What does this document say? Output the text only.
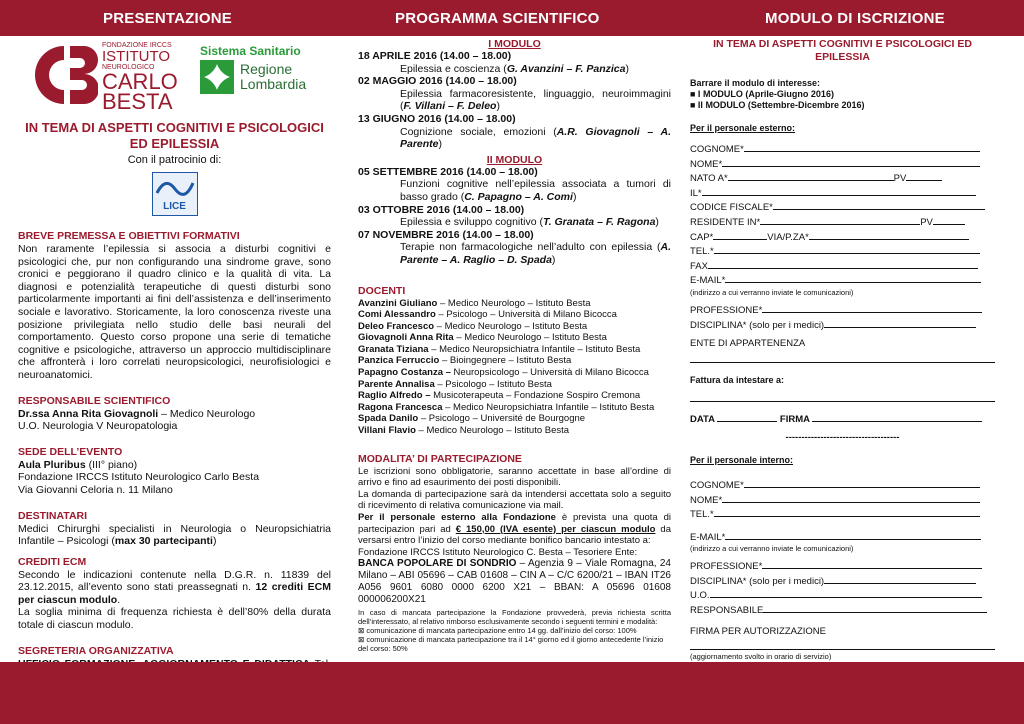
PRESENTAZIONE	PROGRAMMA SCIENTIFICO	MODULO DI ISCRIZIONE
FONDAZIONE IRCCS
ISTITUTO
NEUROLOGICO
CARLO
BESTA
Sistema Sanitario
Regione
Lombardia
IN TEMA DI ASPETTI COGNITIVI E PSICOLOGICI ED EPILESSIA
Con il patrocinio di:
LICE
BREVE PREMESSA E OBIETTIVI FORMATIVI
Non raramente l’epilessia si associa a disturbi cognitivi e psicologici che, pur non configurando una sindrome grave, sono cronici e peggiorano il quadro clinico e la qualità di vita. La diagnosi e potenzialità terapeutiche di questi disturbi sono particolarmente importanti ai fini dell’assistenza e dell’inserimento sociale e lavorativo. Storicamente, la loro conoscenza riveste una posizione privilegiata nello studio delle basi neurali del comportamento. Questo corso propone una serie di tematiche cognitive e psicologiche, attraverso un approccio multidisciplinare che affronterà i loro correlati neuropsicologici, neurofisiologici e neuroanatomici.
RESPONSABILE SCIENTIFICO
Dr.ssa Anna Rita Giovagnoli – Medico Neurologo
U.O. Neurologia V Neuropatologia
SEDE DELL’EVENTO
Aula Pluribus (III° piano)
Fondazione IRCCS Istituto Neurologico Carlo Besta
Via Giovanni Celoria n. 11 Milano
DESTINATARI
Medici Chirurghi specialisti in Neurologia o Neuropsichiatria Infantile – Psicologi (max 30 partecipanti)
CREDITI ECM
Secondo le indicazioni contenute nella D.G.R. n. 11839 del 23.12.2015, all’evento sono stati preassegnati n. 12 crediti ECM per ciascun modulo.
La soglia minima di frequenza richiesta è dell’80% della durata totale di ciascun modulo.
SEGRETERIA ORGANIZZATIVA
I MODULO
18 APRILE 2016 (14.00 – 18.00)
Epilessia e coscienza (G. Avanzini – F. Panzica)
02 MAGGIO 2016 (14.00 – 18.00)
Epilessia farmacoresistente, linguaggio, neuroimmagini (F. Villani – F. Deleo)
13 GIUGNO 2016 (14.00 – 18.00)
Cognizione sociale, emozioni (A.R. Giovagnoli – A. Parente)
II MODULO
05 SETTEMBRE 2016 (14.00 – 18.00)
Funzioni cognitive nell’epilessia associata a tumori di basso grado (C. Papagno – A. Comi)
03 OTTOBRE 2016 (14.00 – 18.00)
Epilessia e sviluppo cognitivo (T. Granata – F. Ragona)
07 NOVEMBRE 2016 (14.00 – 18.00)
Terapie non farmacologiche nell’adulto con epilessia (A. Parente – A. Raglio – D. Spada)
DOCENTI
Avanzini Giuliano – Medico Neurologo – Istituto Besta
Comi Alessandro – Psicologo – Università di Milano Bicocca
Deleo Francesco – Medico Neurologo – Istituto Besta
Giovagnoli Anna Rita – Medico Neurologo – Istituto Besta
Granata Tiziana – Medico Neuropsichiatra Infantile – Istituto Besta
Panzica Ferruccio – Bioingegnere – Istituto Besta
Papagno Costanza – Neuropsicologo – Università di Milano Bicocca
Parente Annalisa – Psicologo – Istituto Besta
Raglio Alfredo – Musicoterapeuta – Fondazione Sospiro Cremona
Ragona Francesca – Medico Neuropsichiatra Infantile – Istituto Besta
Spada Danilo – Psicologo – Université de Bourgogne
Villani Flavio – Medico Neurologo – Istituto Besta
MODALITA’ DI PARTECIPAZIONE
Le iscrizioni sono obbligatorie, saranno accettate in base all’ordine di arrivo e fino ad esaurimento dei posti disponibili.
La domanda di partecipazione sarà da intendersi accettata solo a seguito di ricevimento di relativa comunicazione via mail.
Per il personale esterno alla Fondazione è prevista una quota di partecipazion pari ad € 150,00 (IVA esente) per ciascun modulo da versarsi entro l’inizio del corso mediante bonifico bancario intestato a:
Fondazione IRCCS Istituto Neurologico C. Besta – Tesoriere Ente:
BANCA POPOLARE DI SONDRIO – Agenzia 9 – Viale Romagna, 24 Milano – ABI 05696 – CAB 01608 – CIN A – C/C 6200/21 – IBAN IT26 A056 9601 6080 0000 6200 X21 – BBAN: A 05696 01608 000006200X21
In caso di mancata partecipazione la Fondazione provvederà, previa richiesta scritta dell’interessato, al relativo rimborso esclusivamente secondo i seguenti termini e modalità:
⊠ comunicazione di mancata partecipazione entro 14 gg. dall’inizio del corso: 100%
⊠ comunicazione di mancata partecipazione tra il 14° giorno ed il giorno antecedente l’inizio del corso: 50%
IN TEMA DI ASPETTI COGNITIVI E PSICOLOGICI ED EPILESSIA
Barrare il modulo di interesse:
■ I MODULO (Aprile-Giugno 2016)
■ II MODULO (Settembre-Dicembre 2016)
Per il personale esterno:
COGNOME*
NOME*
NATO A*	PV
IL*
CODICE FISCALE*
RESIDENTE IN*	PV
CAP*	VIA/P.ZA*
TEL.*
FAX
E-MAIL*
(indirizzo a cui verranno inviate le comunicazioni)
PROFESSIONE*
DISCIPLINA* (solo per i medici)
ENTE DI APPARTENENZA
Fattura da intestare a:
DATA	FIRMA
------------------------------------
Per il personale interno:
COGNOME*
NOME*
TEL.*
E-MAIL*
(indirizzo a cui verranno inviate le comunicazioni)
PROFESSIONE*
DISCIPLINA* (solo per i medici)
U.O.
RESPONSABILE
FIRMA PER AUTORIZZAZIONE
(aggiornamento svolto in orario di servizio)
